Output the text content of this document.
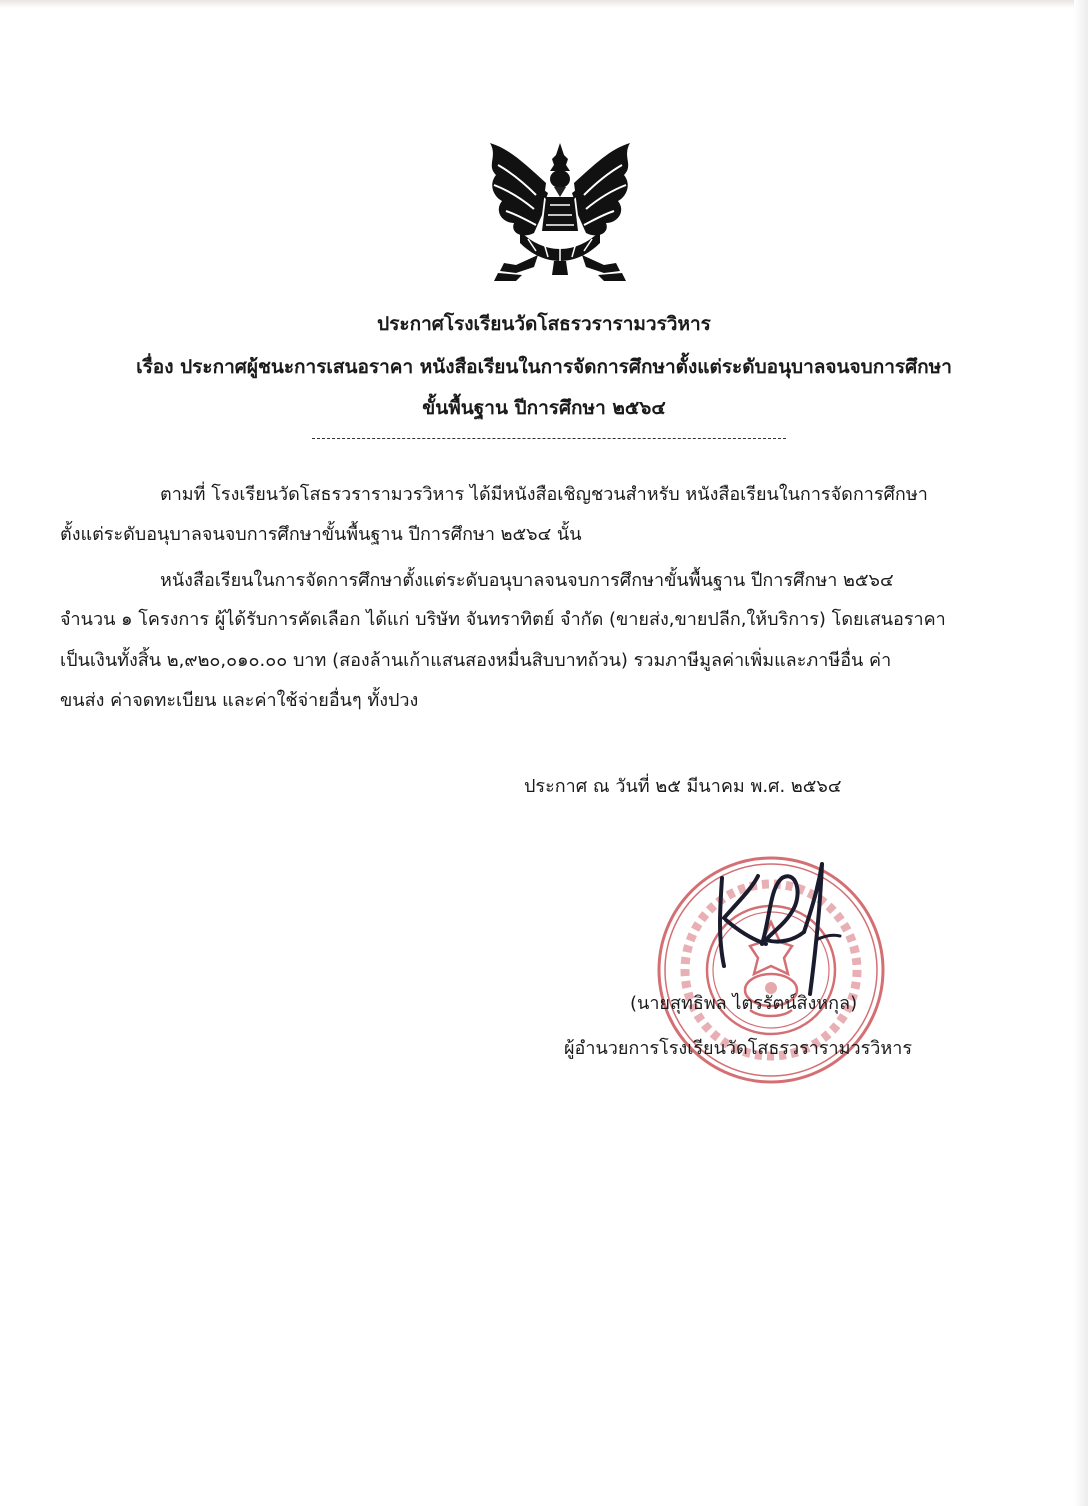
ประกาศโรงเรียนวัดโสธรวรารามวรวิหาร
เรื่อง ประกาศผู้ชนะการเสนอราคา หนังสือเรียนในการจัดการศึกษาตั้งแต่ระดับอนุบาลจนจบการศึกษา
ขั้นพื้นฐาน ปีการศึกษา ๒๕๖๔
ตามที่ โรงเรียนวัดโสธรวรารามวรวิหาร ได้มีหนังสือเชิญชวนสำหรับ หนังสือเรียนในการจัดการศึกษา
ตั้งแต่ระดับอนุบาลจนจบการศึกษาขั้นพื้นฐาน ปีการศึกษา ๒๕๖๔ นั้น
หนังสือเรียนในการจัดการศึกษาตั้งแต่ระดับอนุบาลจนจบการศึกษาขั้นพื้นฐาน ปีการศึกษา ๒๕๖๔
จำนวน ๑ โครงการ ผู้ได้รับการคัดเลือก ได้แก่ บริษัท จันทราทิตย์ จำกัด (ขายส่ง,ขายปลีก,ให้บริการ) โดยเสนอราคา
เป็นเงินทั้งสิ้น ๒,๙๒๐,๐๑๐.๐๐ บาท (สองล้านเก้าแสนสองหมื่นสิบบาทถ้วน) รวมภาษีมูลค่าเพิ่มและภาษีอื่น ค่า
ขนส่ง ค่าจดทะเบียน และค่าใช้จ่ายอื่นๆ ทั้งปวง
ประกาศ ณ วันที่ ๒๕ มีนาคม พ.ศ. ๒๕๖๔
(นายสุทธิพล ไตรรัตน์สิงหกุล)
ผู้อำนวยการโรงเรียนวัดโสธรวรารามวรวิหาร
